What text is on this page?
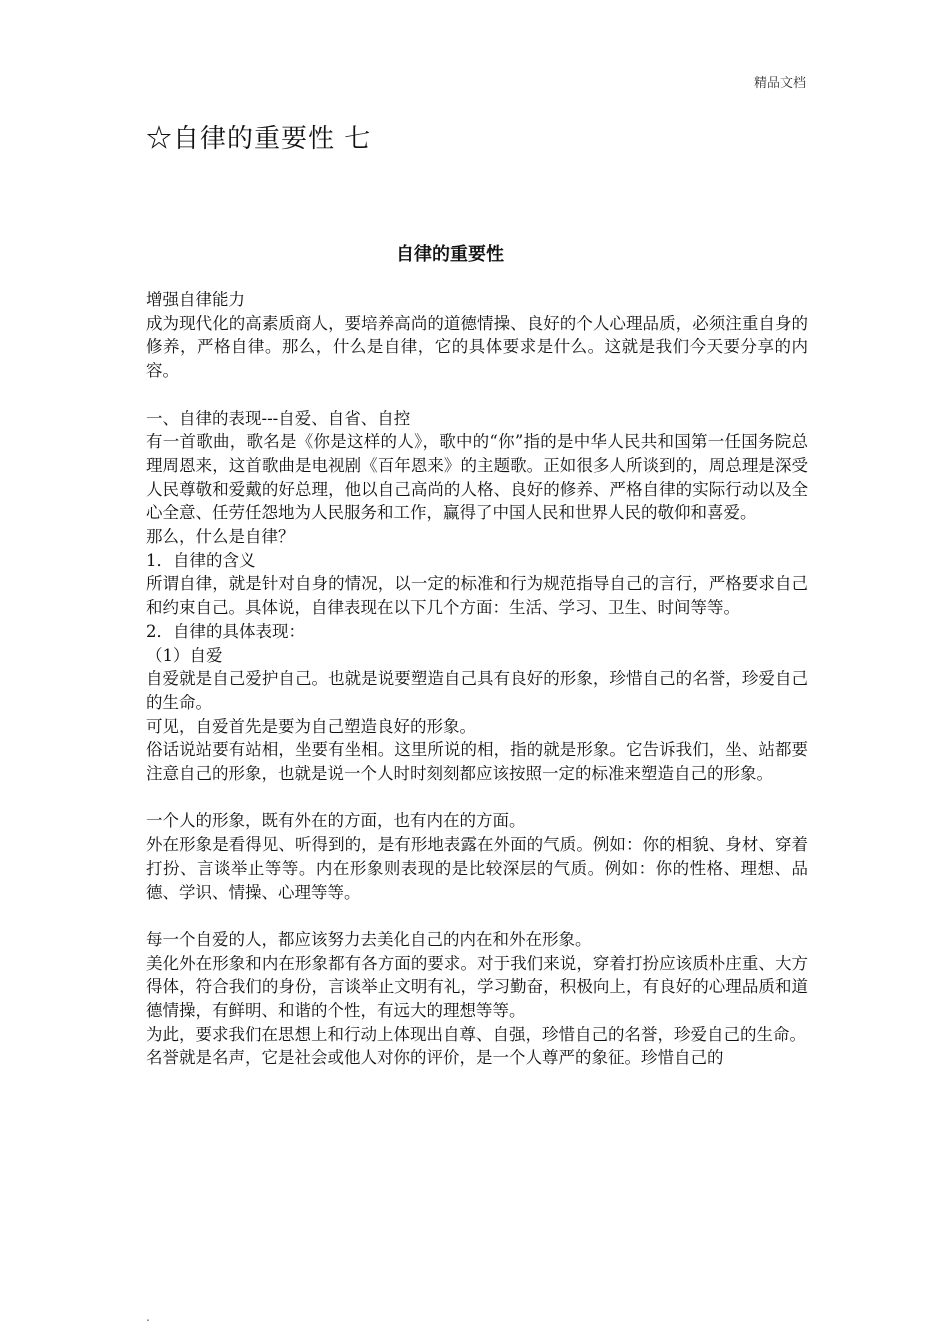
精品文档
☆自律的重要性 七
自律的重要性

增强自律能力

成为现代化的高素质商人，要培养高尚的道德情操、良好的个人心理品质，必须注重自身的修养，严格自律。那么，什么是自律，它的具体要求是什么。这就是我们今天要分享的内容。

一、自律的表现---自爱、自省、自控

有一首歌曲，歌名是《你是这样的人》，歌中的“你”指的是中华人民共和国第一任国务院总理周恩来，这首歌曲是电视剧《百年恩来》的主题歌。正如很多人所谈到的，周总理是深受人民尊敬和爱戴的好总理，他以自己高尚的人格、良好的修养、严格自律的实际行动以及全心全意、任劳任怨地为人民服务和工作，赢得了中国人民和世界人民的敬仰和喜爱。

那么，什么是自律？

1．自律的含义

所谓自律，就是针对自身的情况，以一定的标准和行为规范指导自己的言行，严格要求自己和约束自己。具体说，自律表现在以下几个方面：生活、学习、卫生、时间等等。

2．自律的具体表现：

（1）自爱

自爱就是自己爱护自己。也就是说要塑造自己具有良好的形象，珍惜自己的名誉，珍爱自己的生命。

可见，自爱首先是要为自己塑造良好的形象。

俗话说站要有站相，坐要有坐相。这里所说的相，指的就是形象。它告诉我们，坐、站都要注意自己的形象，也就是说一个人时时刻刻都应该按照一定的标准来塑造自己的形象。

一个人的形象，既有外在的方面，也有内在的方面。

外在形象是看得见、听得到的，是有形地表露在外面的气质。例如：你的相貌、身材、穿着打扮、言谈举止等等。内在形象则表现的是比较深层的气质。例如：你的性格、理想、品德、学识、情操、心理等等。

每一个自爱的人，都应该努力去美化自己的内在和外在形象。

美化外在形象和内在形象都有各方面的要求。对于我们来说，穿着打扮应该质朴庄重、大方得体，符合我们的身份，言谈举止文明有礼，学习勤奋，积极向上，有良好的心理品质和道德情操，有鲜明、和谐的个性，有远大的理想等等。

为此，要求我们在思想上和行动上体现出自尊、自强，珍惜自己的名誉，珍爱自己的生命。

名誉就是名声，它是社会或他人对你的评价，是一个人尊严的象征。珍惜自己的

.
